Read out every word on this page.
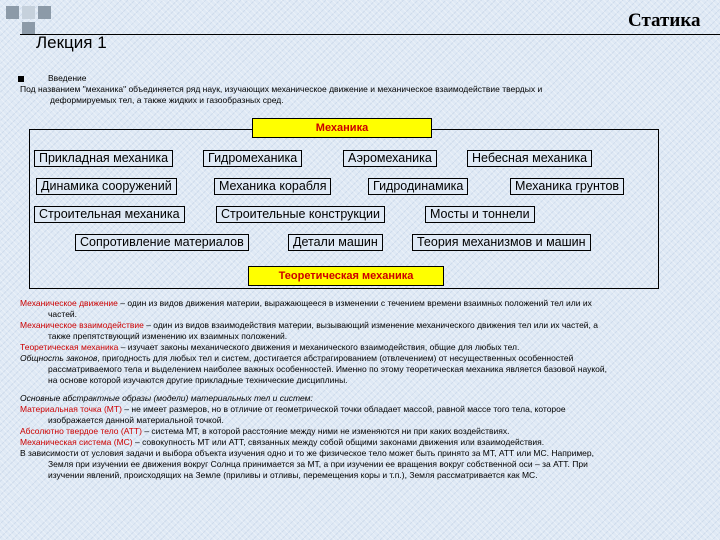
Статика
Лекция 1
Введение
Под названием "механика" объединяется ряд наук, изучающих механическое движение и механическое взаимодействие твердых и
деформируемых тел, а также жидких и газообразных сред.
Механика
Прикладная механика	Гидромеханика	Аэромеханика	Небесная механика
Динамика сооружений	Механика корабля	Гидродинамика	Механика грунтов
Строительная механика	Строительные конструкции	Мосты и тоннели
Сопротивление материалов	Детали машин	Теория механизмов и машин
Теоретическая механика

Механическое движение – один из видов движения материи, выражающееся в изменении с течением времени взаимных положений тел или их

частей.

Механическое взаимодействие – один из видов взаимодействия материи, вызывающий изменение механического движения тел или их частей, а

также препятствующий изменению их взаимных положений.

Теоретическая механика – изучает законы механического движения и механического взаимодействия, общие для любых тел.

Общность законов, пригодность для любых тел и систем, достигается абстрагированием (отвлечением) от несущественных особенностей

рассматриваемого тела и выделением наиболее важных особенностей. Именно по этому теоретическая механика является базовой наукой,

на основе которой изучаются другие прикладные технические дисциплины.

Основные абстрактные образы (модели) материальных тел и систем:

Материальная точка (МТ) – не имеет размеров, но в отличие от геометрической точки обладает массой, равной массе того тела, которое

изображается данной материальной точкой.

Абсолютно твердое тело (АТТ) – система МТ, в которой расстояние между ними не изменяются ни при каких воздействиях.

Механическая система (МС) – совокупность МТ или АТТ, связанных между собой общими законами движения или взаимодействия.

В зависимости от условия задачи и выбора объекта изучения одно и то же физическое тело может быть принято за МТ, АТТ или МС. Например,

Земля при изучении ее движения вокруг Солнца принимается за МТ, а при изучении ее вращения вокруг собственной оси – за АТТ. При

изучении явлений, происходящих на Земле (приливы и отливы, перемещения коры и т.п.), Земля рассматривается как МС.
